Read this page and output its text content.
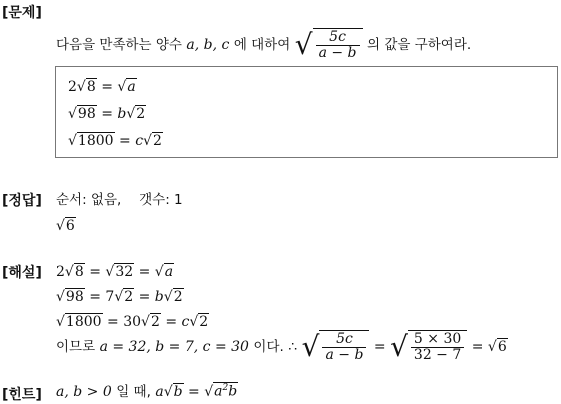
[문제]
다음을 만족하는 양수 a, b, c 에 대하여 √ $\frac{5c}{a - b}$ 의 값을 구하여라.
2√8 = √a
√98 = b√2
√1800 = c√2
[정답] 순서: 없음, 갯수: 1
√6
[해설] 2√8 = √32 = √a
√98 = 7√2 = b√2
√1800 = 30√2 = c√2
이므로 a = 32, b = 7, c = 30 이다. ∴ √ $\frac{5c}{a - b}$ = √ $\frac{5 \times 30}{32 - 7} = √6$
[힌트] a, b > 0 일 때, $a√b = √a^2b$
